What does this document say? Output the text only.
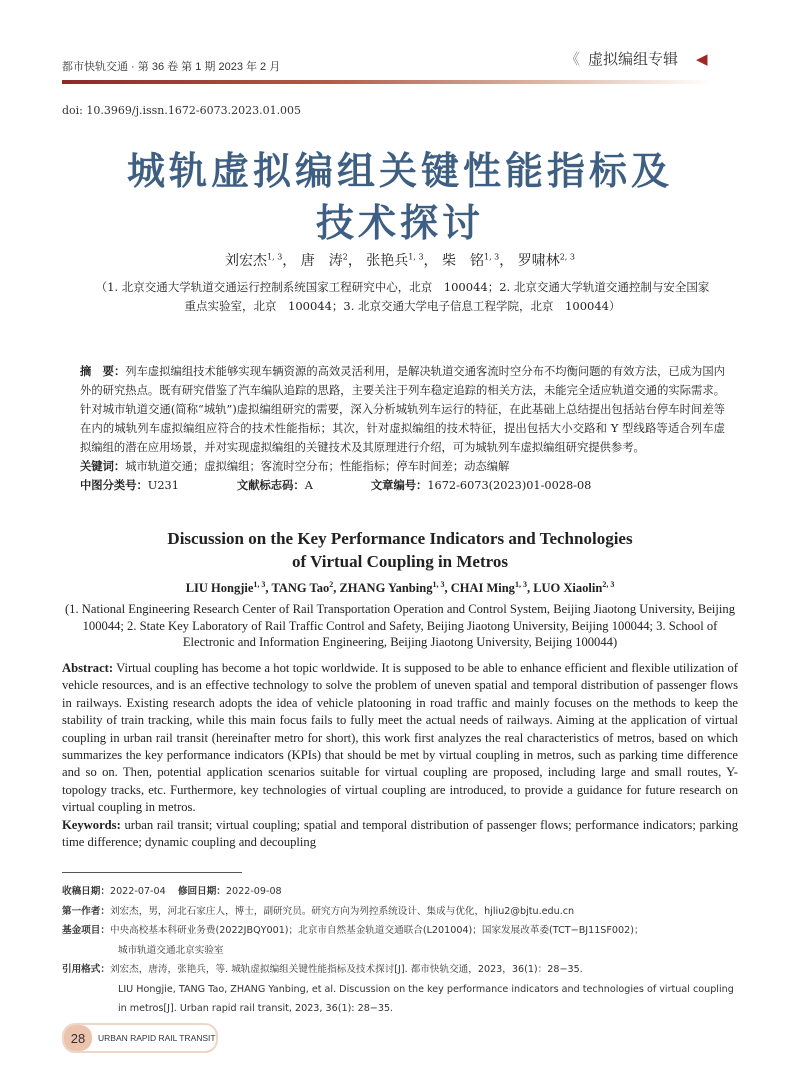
都市快轨交通 · 第 36 卷 第 1 期 2023 年 2 月	《 虚拟编组专辑 ◀
doi: 10.3969/j.issn.1672-6073.2023.01.005
城轨虚拟编组关键性能指标及
技术探讨
刘宏杰$^{1, 3}$， 唐　涛$^2$， 张艳兵$^{1, 3}$， 柴　铭$^{1, 3}$， 罗啸林$^{2, 3}$
（1. 北京交通大学轨道交通运行控制系统国家工程研究中心，北京　100044；2. 北京交通大学轨道交通控制与安全国家重点实验室，北京　100044；3. 北京交通大学电子信息工程学院，北京　100044）
摘　要：列车虚拟编组技术能够实现车辆资源的高效灵活利用，是解决轨道交通客流时空分布不均衡问题的有效方法，已成为国内外的研究热点。既有研究借鉴了汽车编队追踪的思路，主要关注于列车稳定追踪的相关方法，未能完全适应轨道交通的实际需求。针对城市轨道交通(简称“城轨”)虚拟编组研究的需要，深入分析城轨列车运行的特征，在此基础上总结提出包括站台停车时间差等在内的城轨列车虚拟编组应符合的技术性能指标；其次，针对虚拟编组的技术特征，提出包括大小交路和 Y 型线路等适合列车虚拟编组的潜在应用场景，并对实现虚拟编组的关键技术及其原理进行介绍，可为城轨列车虚拟编组研究提供参考。
关键词：城市轨道交通；虚拟编组；客流时空分布；性能指标；停车时间差；动态编解
中图分类号：U231	文献标志码：A	文章编号：1672-6073(2023)01-0028-08
Discussion on the Key Performance Indicators and Technologies
of Virtual Coupling in Metros
LIU Hongjie$^{1, 3}$, TANG Tao$^2$, ZHANG Yanbing$^{1, 3}$, CHAI Ming$^{1, 3}$, LUO Xiaolin$^{2, 3}$
(1. National Engineering Research Center of Rail Transportation Operation and Control System, Beijing Jiaotong University, Beijing 100044; 2. State Key Laboratory of Rail Traffic Control and Safety, Beijing Jiaotong University, Beijing 100044; 3. School of Electronic and Information Engineering, Beijing Jiaotong University, Beijing 100044)
Abstract: Virtual coupling has become a hot topic worldwide. It is supposed to be able to enhance efficient and flexible utilization of vehicle resources, and is an effective technology to solve the problem of uneven spatial and temporal distribution of passenger flows in railways. Existing research adopts the idea of vehicle platooning in road traffic and mainly focuses on the methods to keep the stability of train tracking, while this main focus fails to fully meet the actual needs of railways. Aiming at the application of virtual coupling in urban rail transit (hereinafter metro for short), this work first analyzes the real characteristics of metros, based on which summarizes the key performance indicators (KPIs) that should be met by virtual coupling in metros, such as parking time difference and so on. Then, potential application scenarios suitable for virtual coupling are proposed, including large and small routes, Y-topology tracks, etc. Furthermore, key technologies of virtual coupling are introduced, to provide a guidance for future research on virtual coupling in metros.
Keywords: urban rail transit; virtual coupling; spatial and temporal distribution of passenger flows; performance indicators; parking time difference; dynamic coupling and decoupling
收稿日期：2022-07-04 修回日期：2022-09-08
第一作者：刘宏杰，男，河北石家庄人，博士，副研究员。研究方向为列控系统设计、集成与优化，hjliu2@bjtu.edu.cn
基金项目：中央高校基本科研业务费(2022JBQY001)；北京市自然基金轨道交通联合(L201004)；国家发展改革委(TCT−BJ11SF002)；
城市轨道交通北京实验室
引用格式：刘宏杰，唐涛，张艳兵，等. 城轨虚拟编组关键性能指标及技术探讨[J]. 都市快轨交通，2023，36(1)：28−35.
LIU Hongjie, TANG Tao, ZHANG Yanbing, et al. Discussion on the key performance indicators and technologies of virtual coupling in metros[J]. Urban rapid rail transit, 2023, 36(1): 28−35.
28	URBAN RAPID RAIL TRANSIT
